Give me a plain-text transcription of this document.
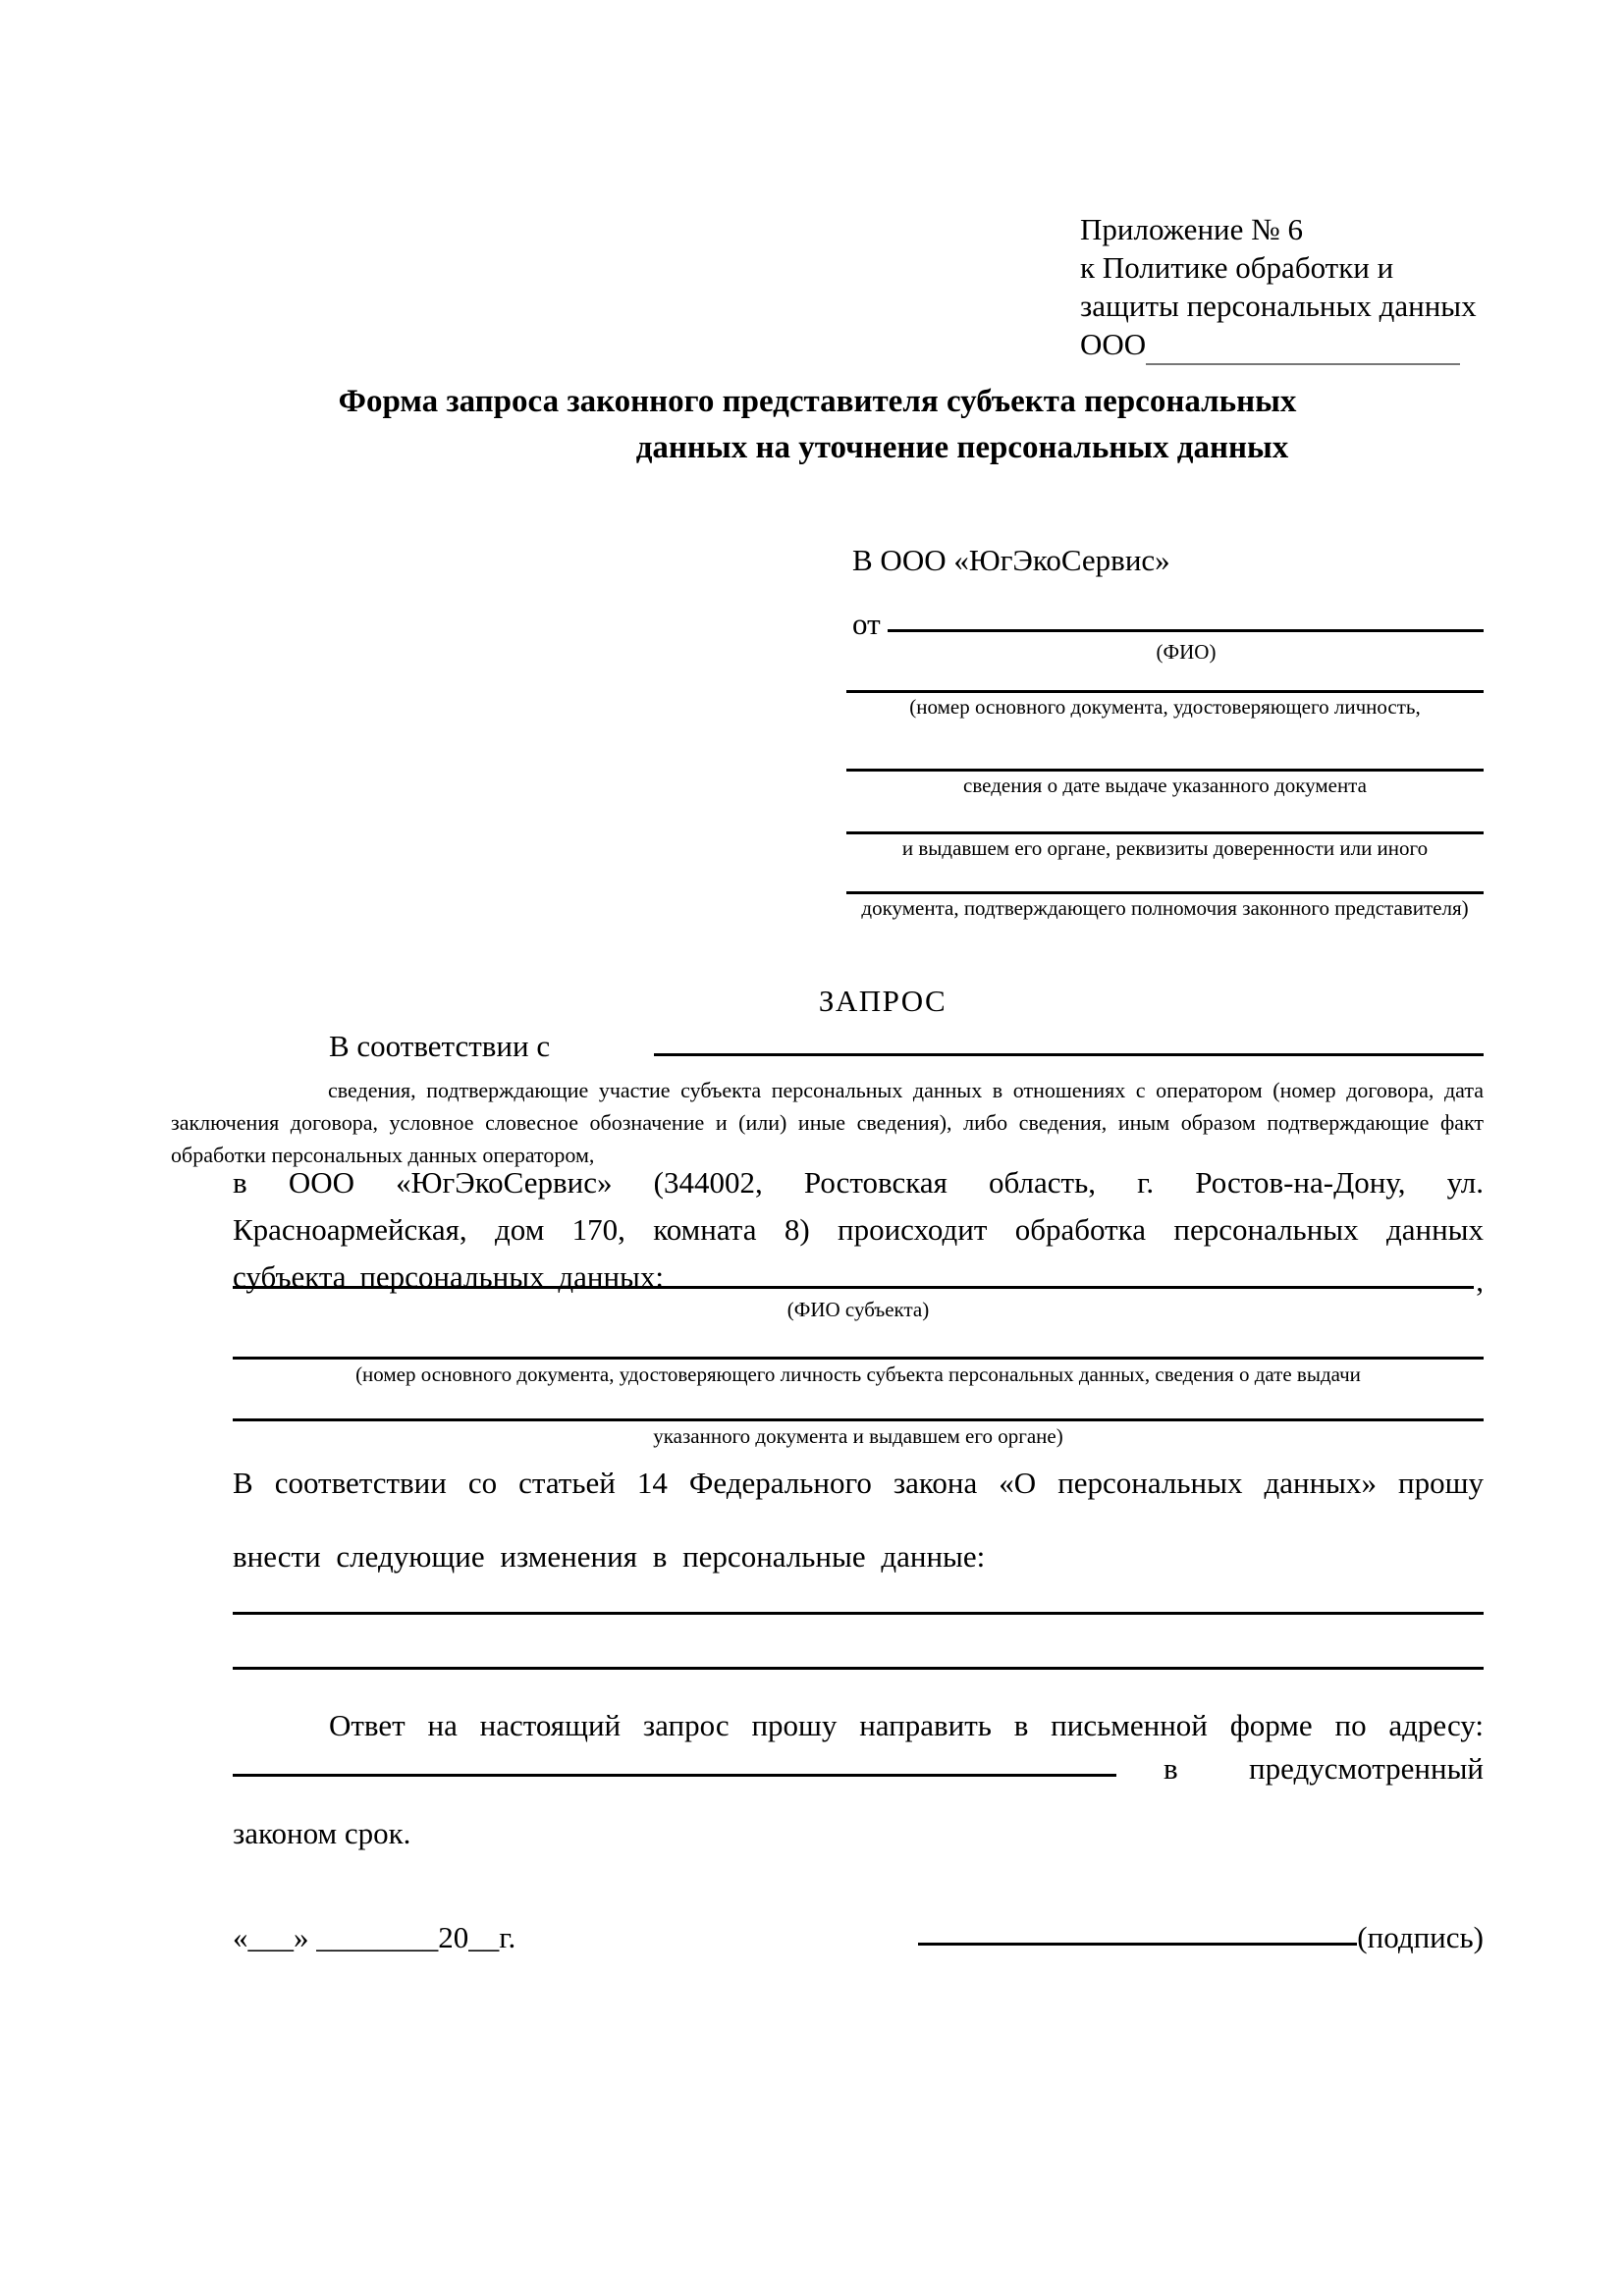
Приложение № 6
к Политике обработки и
защиты персональных данных
ООО
Форма запроса законного представителя субъекта персональных
данных на уточнение персональных данных
В ООО «ЮгЭкоСервис»
от

(ФИО)
(номер основного документа, удостоверяющего личность,
сведения о дате выдаче указанного документа
и выдавшем его органе, реквизиты доверенности или иного
документа, подтверждающего полномочия законного представителя)
ЗАПРОС
В соответствии с
сведения, подтверждающие участие субъекта персональных данных в отношениях с оператором (номер договора, дата заключения договора, условное словесное обозначение и (или) иные сведения), либо сведения, иным образом подтверждающие факт обработки персональных данных оператором,
в ООО «ЮгЭкоСервис» (344002, Ростовская область, г. Ростов-на-Дону, ул. Красноармейская, дом 170, комната 8) происходит обработка персональных данных субъекта персональных данных:	,
(ФИО субъекта)
(номер основного документа, удостоверяющего личность субъекта персональных данных, сведения о дате выдачи
указанного документа и выдавшем его органе)
В соответствии со статьей 14 Федерального закона «О персональных данных» прошу внести следующие изменения в персональные данные:
Ответ на настоящий запрос прошу направить в письменной форме по адресу:
в предусмотренный
законом срок.
«___» ________20__г.	(подпись)
